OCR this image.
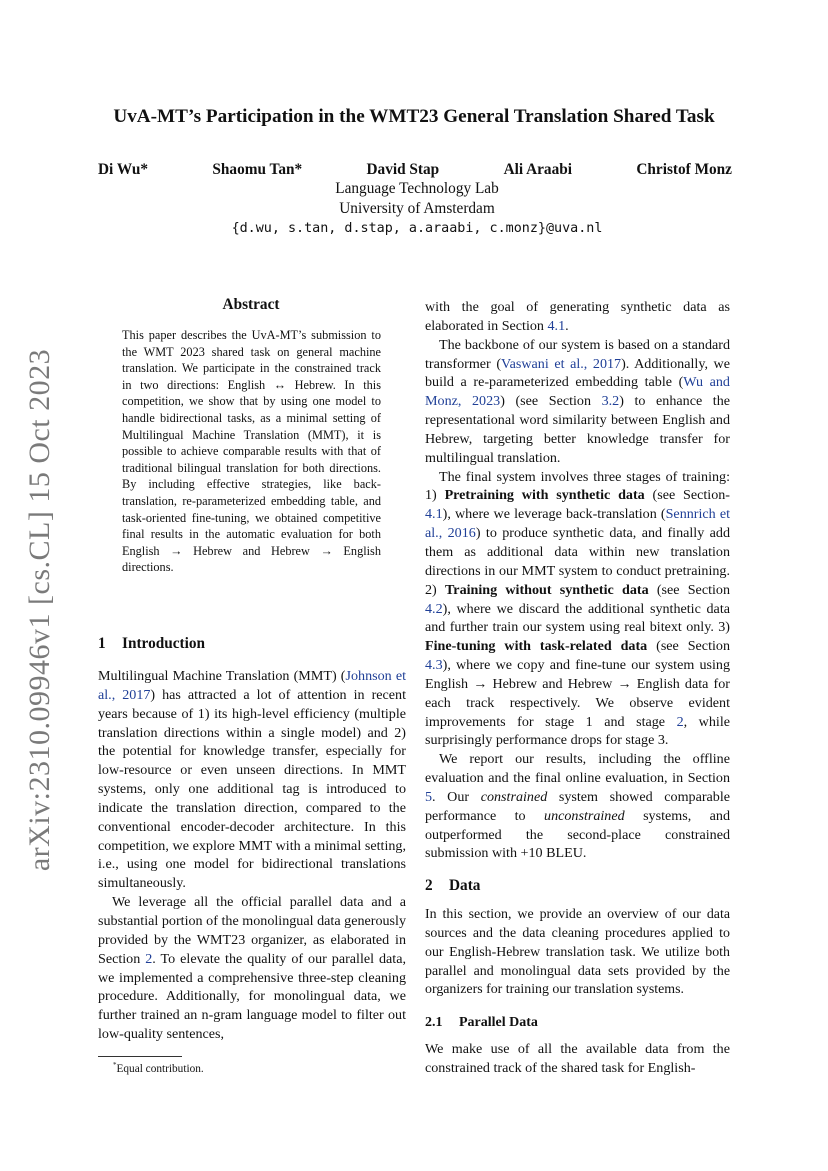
arXiv:2310.09946v1 [cs.CL] 15 Oct 2023
UvA-MT’s Participation in the WMT23 General Translation Shared Task
Di Wu*	Shaomu Tan*	David Stap	Ali Araabi	Christof Monz
Language Technology Lab
University of Amsterdam
{d.wu, s.tan, d.stap, a.araabi, c.monz}@uva.nl
Abstract

This paper describes the UvA-MT’s submission to the WMT 2023 shared task on general machine translation. We participate in the constrained track in two directions: English ↔ Hebrew. In this competition, we show that by using one model to handle bidirectional tasks, as a minimal setting of Multilingual Machine Translation (MMT), it is possible to achieve comparable results with that of traditional bilingual translation for both directions. By including effective strategies, like back-translation, re-parameterized embedding table, and task-oriented fine-tuning, we obtained competitive final results in the automatic evaluation for both English → Hebrew and Hebrew → English directions.

1 Introduction

Multilingual Machine Translation (MMT) (Johnson et al., 2017) has attracted a lot of attention in recent years because of 1) its high-level efficiency (multiple translation directions within a single model) and 2) the potential for knowledge transfer, especially for low-resource or even unseen directions. In MMT systems, only one additional tag is introduced to indicate the translation direction, compared to the conventional encoder-decoder architecture. In this competition, we explore MMT with a minimal setting, i.e., using one model for bidirectional translations simultaneously.

We leverage all the official parallel data and a substantial portion of the monolingual data generously provided by the WMT23 organizer, as elaborated in Section 2. To elevate the quality of our parallel data, we implemented a comprehensive three-step cleaning procedure. Additionally, for monolingual data, we further trained an n-gram language model to filter out low-quality sentences,

*Equal contribution.

with the goal of generating synthetic data as elaborated in Section 4.1.

The backbone of our system is based on a standard transformer (Vaswani et al., 2017). Additionally, we build a re-parameterized embedding table (Wu and Monz, 2023) (see Section 3.2) to enhance the representational word similarity between English and Hebrew, targeting better knowledge transfer for multilingual translation.

The final system involves three stages of training: 1) Pretraining with synthetic data (see Section-4.1), where we leverage back-translation (Sennrich et al., 2016) to produce synthetic data, and finally add them as additional data within new translation directions in our MMT system to conduct pretraining. 2) Training without synthetic data (see Section 4.2), where we discard the additional synthetic data and further train our system using real bitext only. 3) Fine-tuning with task-related data (see Section 4.3), where we copy and fine-tune our system using English → Hebrew and Hebrew → English data for each track respectively. We observe evident improvements for stage 1 and stage 2, while surprisingly performance drops for stage 3.

We report our results, including the offline evaluation and the final online evaluation, in Section 5. Our constrained system showed comparable performance to unconstrained systems, and outperformed the second-place constrained submission with +10 BLEU.

2 Data

In this section, we provide an overview of our data sources and the data cleaning procedures applied to our English-Hebrew translation task. We utilize both parallel and monolingual data sets provided by the organizers for training our translation systems.

2.1 Parallel Data

We make use of all the available data from the constrained track of the shared task for English-
